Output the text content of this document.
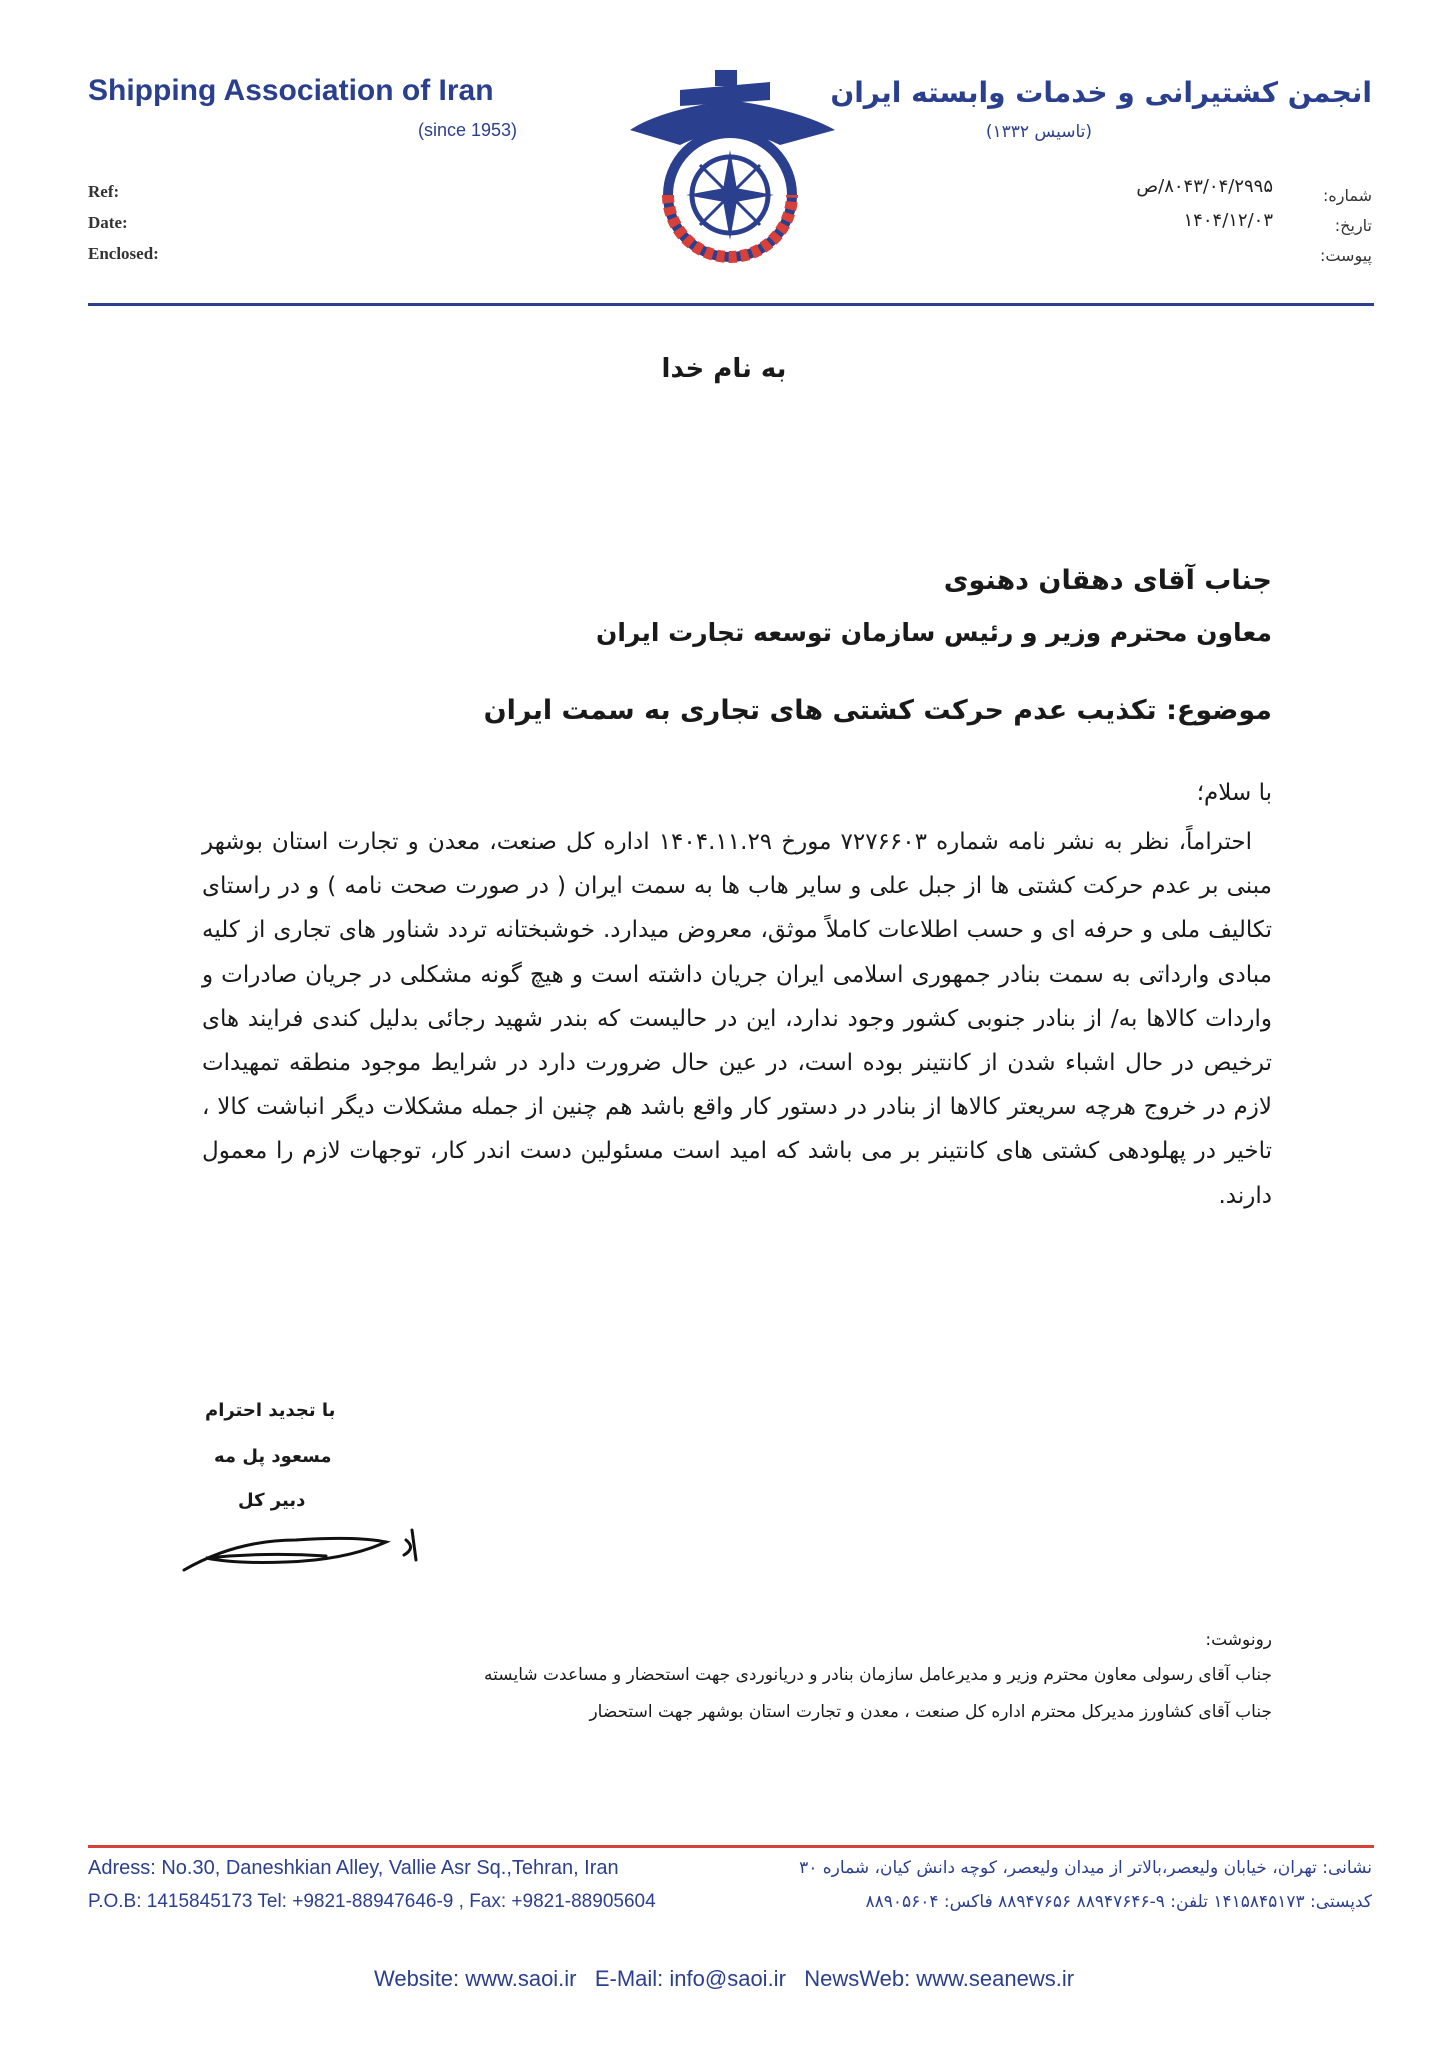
Shipping Association of Iran
(since 1953)
انجمن کشتیرانی و خدمات وابسته ایران
(تاسیس ۱۳۳۲)
Ref:
Date:
Enclosed:
شماره:
تاریخ:
پیوست:
۸۰۴۳/۰۴/۲۹۹۵/ص
۱۴۰۴/۱۲/۰۳
به نام خدا
جناب آقای دهقان دهنوی
معاون محترم وزیر و رئیس سازمان توسعه تجارت ایران
موضوع: تکذیب عدم حرکت کشتی های تجاری به سمت ایران
با سلام؛

احتراماً، نظر به نشر نامه شماره ۷۲۷۶۶۰۳ مورخ ۱۴۰۴.۱۱.۲۹ اداره کل صنعت، معدن و تجارت استان بوشهر مبنی بر عدم حرکت کشتی ها از جبل علی و سایر هاب ها به سمت ایران ( در صورت صحت نامه ) و در راستای تکالیف ملی و حرفه ای و حسب اطلاعات کاملاً موثق، معروض میدارد. خوشبختانه تردد شناور های تجاری از کلیه مبادی وارداتی به سمت بنادر جمهوری اسلامی ایران جریان داشته است و هیچ گونه مشکلی در جریان صادرات و واردات کالاها به/ از بنادر جنوبی کشور وجود ندارد، این در حالیست که بندر شهید رجائی بدلیل کندی فرایند های ترخیص در حال اشباء شدن از کانتینر بوده است، در عین حال ضرورت دارد در شرایط موجود منطقه تمهیدات لازم در خروج هرچه سریعتر کالاها از بنادر در دستور کار واقع باشد هم چنین از جمله مشکلات دیگر انباشت کالا ، تاخیر در پهلودهی کشتی های کانتینر بر می باشد که امید است مسئولین دست اندر کار، توجهات لازم را معمول دارند.

با تجدید احترام
مسعود پل مه
دبیر کل
رونوشت:
جناب آقای رسولی معاون محترم وزیر و مدیرعامل سازمان بنادر و دریانوردی جهت استحضار و مساعدت شایسته
جناب آقای کشاورز مدیرکل محترم اداره کل صنعت ، معدن و تجارت استان بوشهر جهت استحضار
Adress: No.30, Daneshkian Alley, Vallie Asr Sq.,Tehran, Iran
P.O.B: 1415845173 Tel: +9821-88947646-9 , Fax: +9821-88905604
نشانی: تهران، خیابان ولیعصر،بالاتر از میدان ولیعصر، کوچه دانش کیان، شماره ۳۰
کدپستی: ۱۴۱۵۸۴۵۱۷۳ تلفن: ۹-۸۸۹۴۷۶۴۶ ۸۸۹۴۷۶۵۶ فاکس: ۸۸۹۰۵۶۰۴
Website: www.saoi.ir   E-Mail: info@saoi.ir   NewsWeb: www.seanews.ir
